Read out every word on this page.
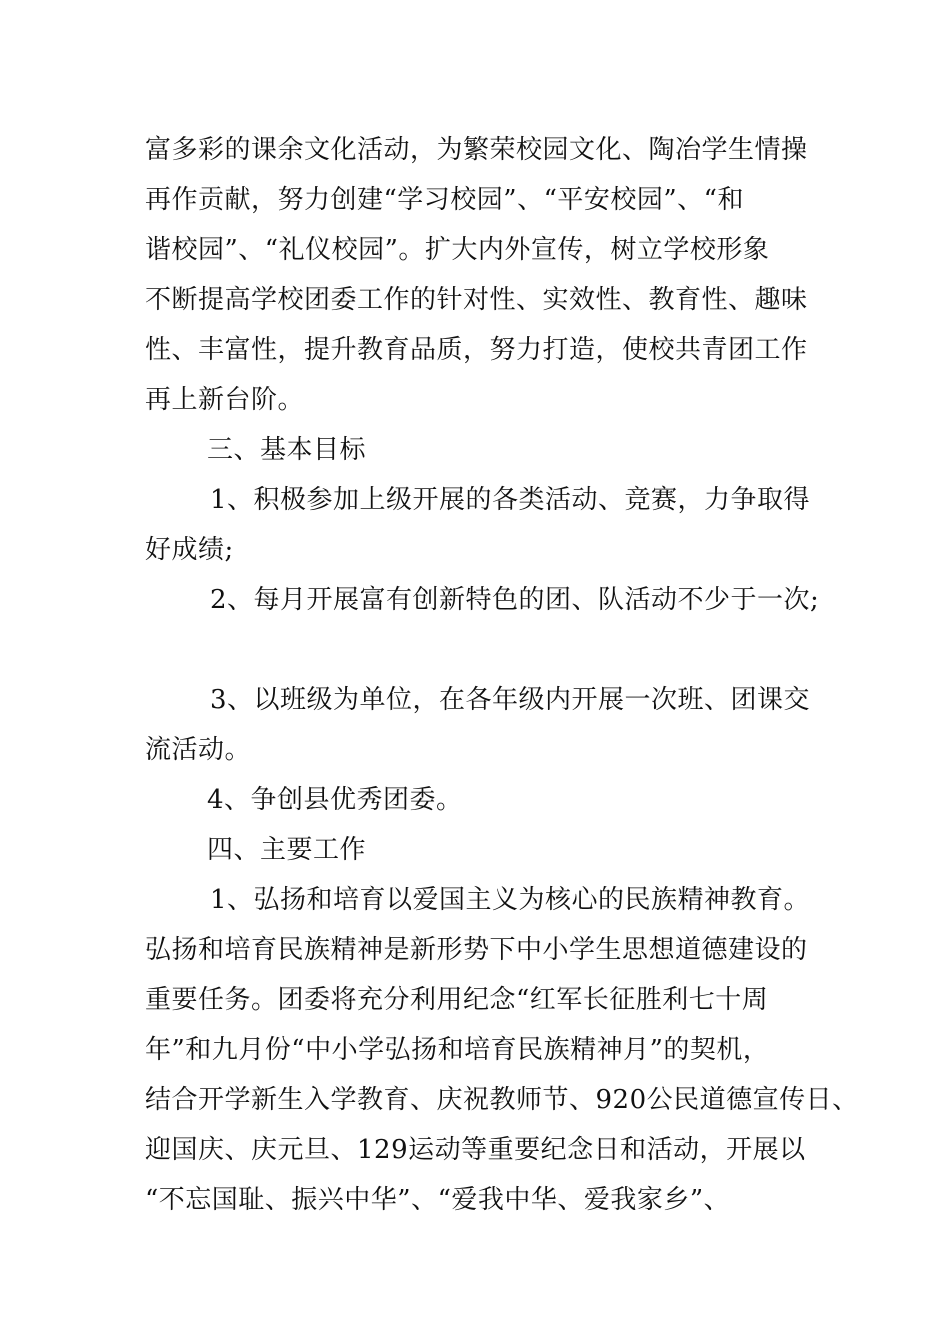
富多彩的课余文化活动，为繁荣校园文化、陶冶学生情操
再作贡献，努力创建“学习校园”、“平安校园”、“和
谐校园”、“礼仪校园”。扩大内外宣传，树立学校形象
不断提高学校团委工作的针对性、实效性、教育性、趣味
性、丰富性，提升教育品质，努力打造，使校共青团工作
再上新台阶。
三、基本目标
1、积极参加上级开展的各类活动、竞赛，力争取得
好成绩;
2、每月开展富有创新特色的团、队活动不少于一次;
3、以班级为单位，在各年级内开展一次班、团课交
流活动。
4、争创县优秀团委。
四、主要工作
1、弘扬和培育以爱国主义为核心的民族精神教育。
弘扬和培育民族精神是新形势下中小学生思想道德建设的
重要任务。团委将充分利用纪念“红军长征胜利七十周
年”和九月份“中小学弘扬和培育民族精神月”的契机，
结合开学新生入学教育、庆祝教师节、920公民道德宣传日、
迎国庆、庆元旦、129运动等重要纪念日和活动，开展以
“不忘国耻、振兴中华”、“爱我中华、爱我家乡”、
